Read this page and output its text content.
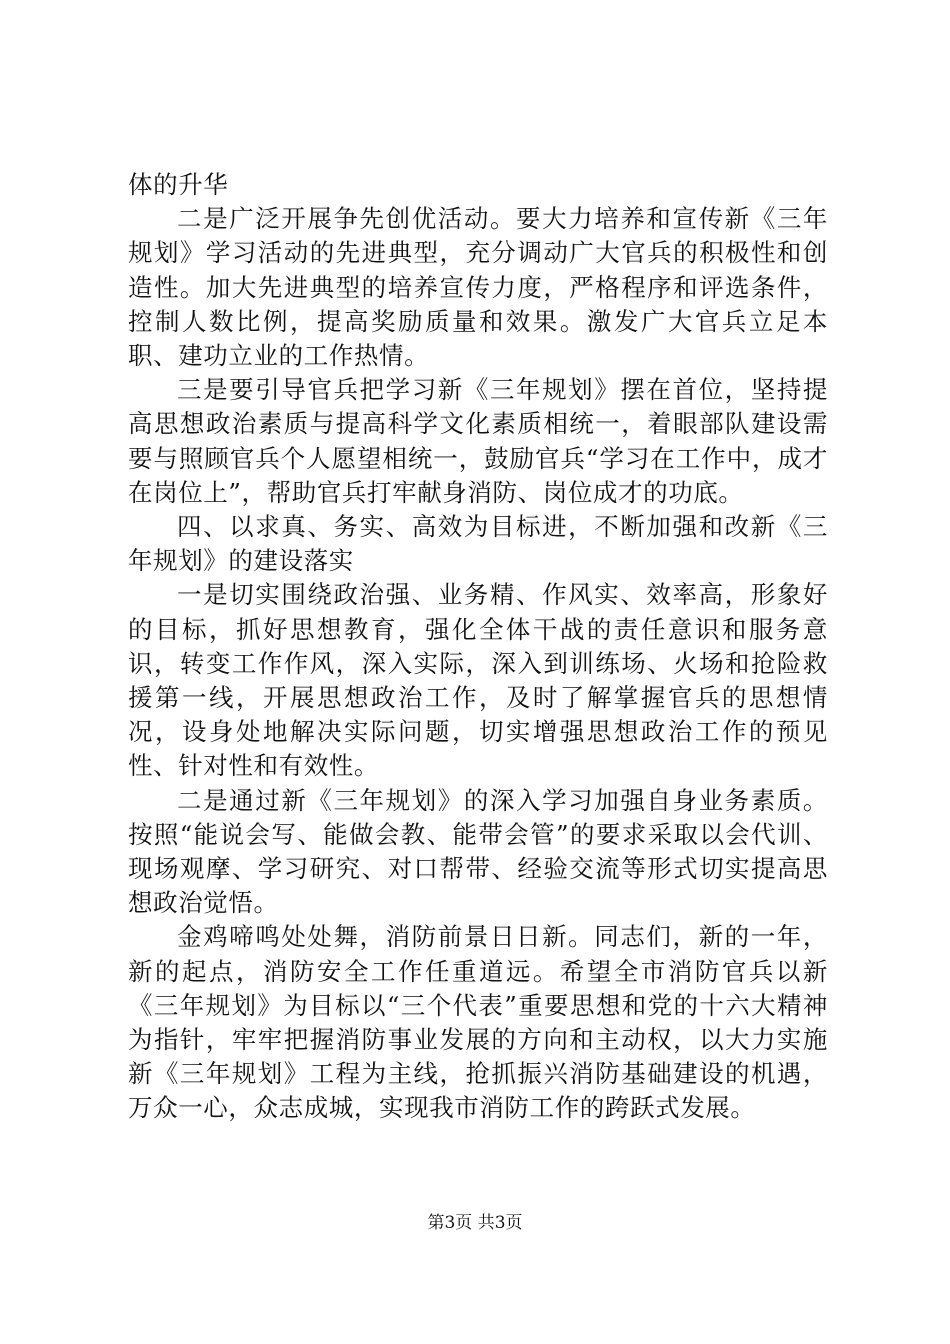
体的升华

二是广泛开展争先创优活动。要大力培养和宣传新《三年规划》学习活动的先进典型，充分调动广大官兵的积极性和创造性。加大先进典型的培养宣传力度，严格程序和评选条件，控制人数比例，提高奖励质量和效果。激发广大官兵立足本职、建功立业的工作热情。

三是要引导官兵把学习新《三年规划》摆在首位，坚持提高思想政治素质与提高科学文化素质相统一，着眼部队建设需要与照顾官兵个人愿望相统一，鼓励官兵“学习在工作中，成才在岗位上”，帮助官兵打牢献身消防、岗位成才的功底。

四、以求真、务实、高效为目标进，不断加强和改新《三年规划》的建设落实

一是切实围绕政治强、业务精、作风实、效率高，形象好的目标，抓好思想教育，强化全体干战的责任意识和服务意识，转变工作作风，深入实际，深入到训练场、火场和抢险救援第一线，开展思想政治工作，及时了解掌握官兵的思想情况，设身处地解决实际问题，切实增强思想政治工作的预见性、针对性和有效性。

二是通过新《三年规划》的深入学习加强自身业务素质。按照“能说会写、能做会教、能带会管”的要求采取以会代训、现场观摩、学习研究、对口帮带、经验交流等形式切实提高思想政治觉悟。

金鸡啼鸣处处舞，消防前景日日新。同志们，新的一年，新的起点，消防安全工作任重道远。希望全市消防官兵以新《三年规划》为目标以“三个代表”重要思想和党的十六大精神为指针，牢牢把握消防事业发展的方向和主动权，以大力实施新《三年规划》工程为主线，抢抓振兴消防基础建设的机遇，万众一心，众志成城，实现我市消防工作的跨跃式发展。

第3页 共3页
